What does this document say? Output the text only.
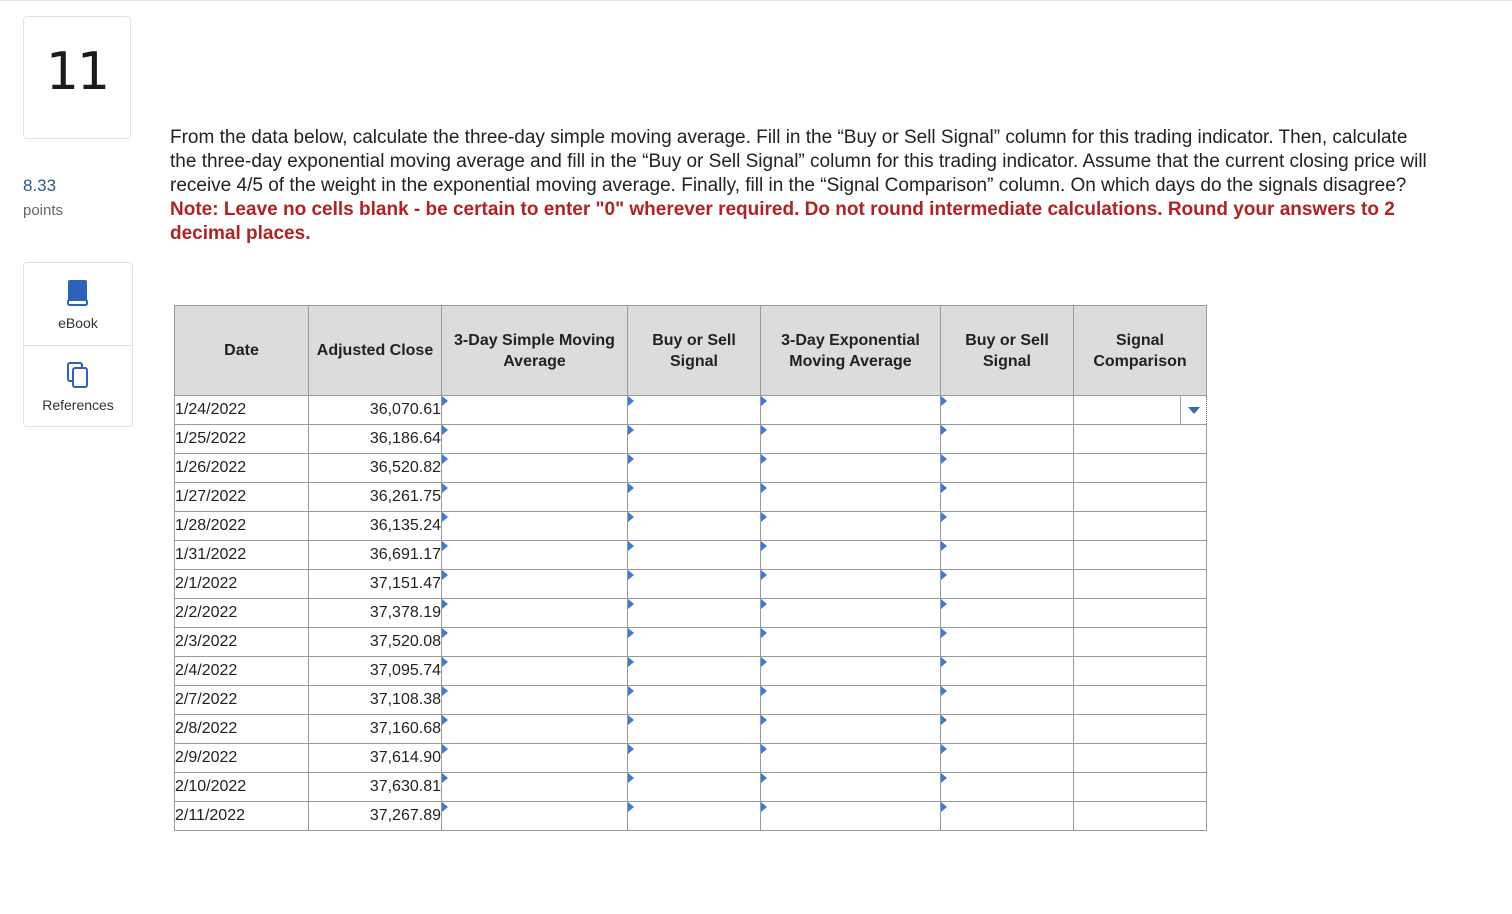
11
8.33
points
eBook
References
From the data below, calculate the three-day simple moving average. Fill in the “Buy or Sell Signal” column for this trading indicator. Then, calculate the three-day exponential moving average and fill in the “Buy or Sell Signal” column for this trading indicator. Assume that the current closing price will receive 4/5 of the weight in the exponential moving average. Finally, fill in the “Signal Comparison” column. On which days do the signals disagree?
Note: Leave no cells blank - be certain to enter "0" wherever required. Do not round intermediate calculations. Round your answers to 2 decimal places.
Date	Adjusted Close	3-Day Simple Moving Average	Buy or Sell Signal	3-Day Exponential Moving Average	Buy or Sell Signal	Signal Comparison
1/24/2022	36,070.61					

1/25/2022	36,186.64					
1/26/2022	36,520.82					
1/27/2022	36,261.75					
1/28/2022	36,135.24					
1/31/2022	36,691.17					
2/1/2022	37,151.47					
2/2/2022	37,378.19					
2/3/2022	37,520.08					
2/4/2022	37,095.74					
2/7/2022	37,108.38					
2/8/2022	37,160.68					
2/9/2022	37,614.90					
2/10/2022	37,630.81					
2/11/2022	37,267.89					
